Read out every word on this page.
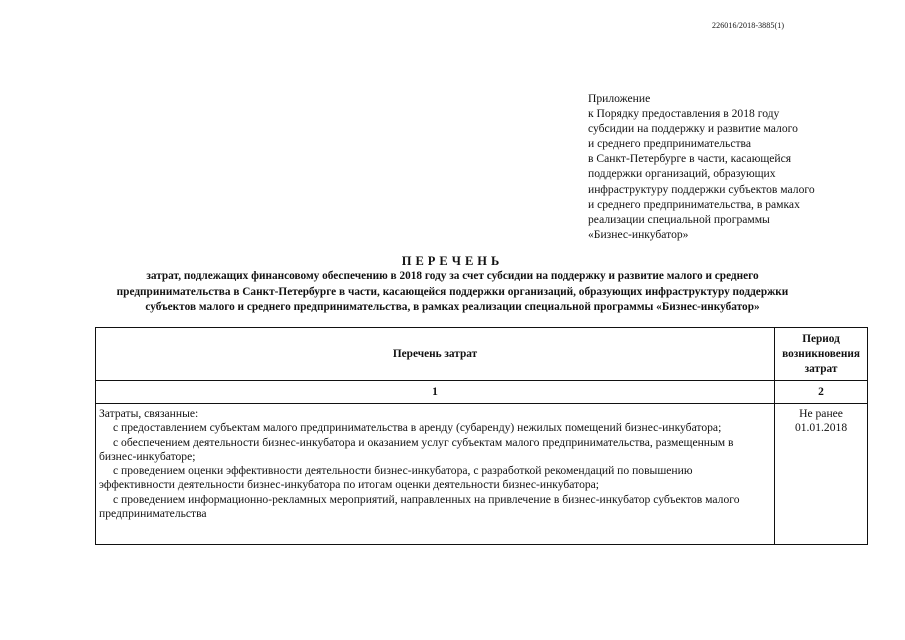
226016/2018-3885(1)
Приложение
к Порядку предоставления в 2018 году
субсидии на поддержку и развитие малого
и среднего предпринимательства
в Санкт-Петербурге в части, касающейся
поддержки организаций, образующих
инфраструктуру поддержки субъектов малого
и среднего предпринимательства, в рамках
реализации специальной программы
«Бизнес-инкубатор»
ПЕРЕЧЕНЬ
затрат, подлежащих финансовому обеспечению в 2018 году за счет субсидии на поддержку и развитие малого и среднего
предпринимательства в Санкт-Петербурге в части, касающейся поддержки организаций, образующих инфраструктуру поддержки
субъектов малого и среднего предпринимательства, в рамках реализации специальной программы «Бизнес-инкубатор»
Перечень затрат	Период возникновения затрат
1	2

Затраты, связанные:
с предоставлением субъектам малого предпринимательства в аренду (субаренду) нежилых помещений бизнес-инкубатора;
с обеспечением деятельности бизнес-инкубатора и оказанием услуг субъектам малого предпринимательства, размещенным в бизнес-инкубаторе;
с проведением оценки эффективности деятельности бизнес-инкубатора, с разработкой рекомендаций по повышению эффективности деятельности бизнес-инкубатора по итогам оценки деятельности бизнес-инкубатора;
с проведением информационно-рекламных мероприятий, направленных на привлечение в бизнес-инкубатор субъектов малого предпринимательства	Не ранее 01.01.2018
